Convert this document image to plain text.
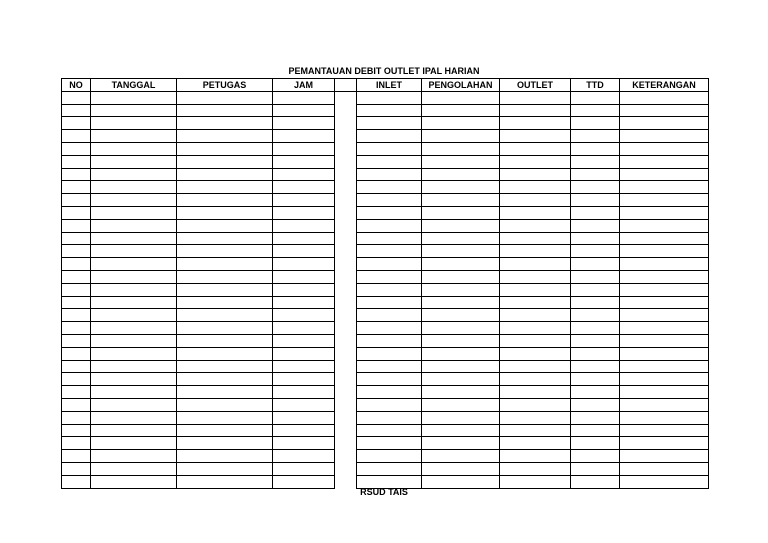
PEMANTAUAN DEBIT OUTLET IPAL HARIAN
NO	TANGGAL	PETUGAS	JAM		INLET	PENGOLAHAN	OUTLET	TTD	KETERANGAN

RSUD TAIS
